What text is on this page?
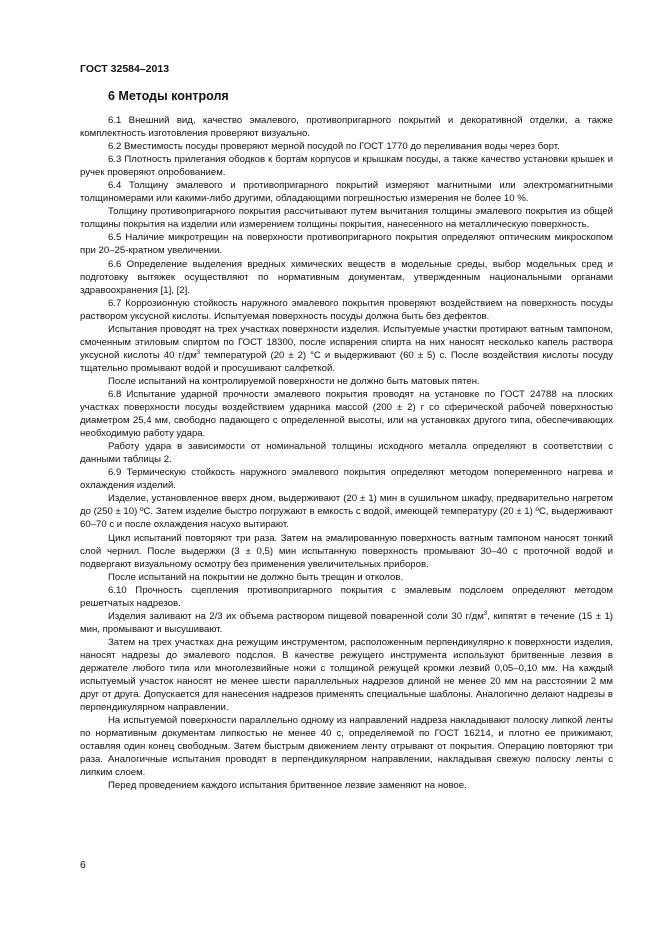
ГОСТ 32584–2013
6 Методы контроля

6.1 Внешний вид, качество эмалевого, противопригарного покрытий и декоративной отделки, а также комплектность изготовления проверяют визуально.

6.2 Вместимость посуды проверяют мерной посудой по ГОСТ 1770 до переливания воды через борт.

6.3 Плотность прилегания ободков к бортам корпусов и крышкам посуды, а также качество установки крышек и ручек проверяют опробованием.

6.4 Толщину эмалевого и противопригарного покрытий измеряют магнитными или электромагнитными толщиномерами или какими-либо другими, обладающими погрешностью измерения не более 10 %.

Толщину противопригарного покрытия рассчитывают путем вычитания толщины эмалевого покрытия из общей толщины покрытия на изделии или измерением толщины покрытия, нанесенного на металлическую поверхность.

6.5 Наличие микротрещин на поверхности противопригарного покрытия определяют оптическим микроскопом при 20–25-кратном увеличении.

6.6 Определение выделения вредных химических веществ в модельные среды, выбор модельных сред и подготовку вытяжек осуществляют по нормативным документам, утвержденным национальными органами здравоохранения [1], [2].

6.7 Коррозионную стойкость наружного эмалевого покрытия проверяют воздействием на поверхность посуды раствором уксусной кислоты. Испытуемая поверхность посуды должна быть без дефектов.

Испытания проводят на трех участках поверхности изделия. Испытуемые участки протирают ватным тампоном, смоченным этиловым спиртом по ГОСТ 18300, после испарения спирта на них наносят несколько капель раствора уксусной кислоты 40 $г/дм^3$ температурой (20 ± 2) °С и выдерживают (60 ± 5) с. После воздействия кислоты посуду тщательно промывают водой и просушивают салфеткой.

После испытаний на контролируемой поверхности не должно быть матовых пятен.

6.8 Испытание ударной прочности эмалевого покрытия проводят на установке по ГОСТ 24788 на плоских участках поверхности посуды воздействием ударника массой (200 ± 2) г со сферической рабочей поверхностью диаметром 25,4 мм, свободно падающего с определенной высоты, или на установках другого типа, обеспечивающих необходимую работу удара.

Работу удара в зависимости от номинальной толщины исходного металла определяют в соответствии с данными таблицы 2.

6.9 Термическую стойкость наружного эмалевого покрытия определяют методом попеременного нагрева и охлаждения изделий.

Изделие, установленное вверх дном, выдерживают (20 ± 1) мин в сушильном шкафу, предварительно нагретом до (250 ± 10) ºС. Затем изделие быстро погружают в емкость с водой, имеющей температуру (20 ± 1) ºС, выдерживают 60–70 с и после охлаждения насухо вытирают.

Цикл испытаний повторяют три раза. Затем на эмалированную поверхность ватным тампоном наносят тонкий слой чернил. После выдержки (3 ± 0,5) мин испытанную поверхность промывают 30–40 с проточной водой и подвергают визуальному осмотру без применения увеличительных приборов.

После испытаний на покрытии не должно быть трещин и отколов.

6.10 Прочность сцепления противопригарного покрытия с эмалевым подслоем определяют методом решетчатых надрезов.

Изделия заливают на 2/3 их объема раствором пищевой поваренной соли 30 $г/дм^3$, кипятят в течение (15 ± 1) мин, промывают и высушивают.

Затем на трех участках дна режущим инструментом, расположенным перпендикулярно к поверхности изделия, наносят надрезы до эмалевого подслоя. В качестве режущего инструмента используют бритвенные лезвия в держателе любого типа или многолезвийные ножи с толщиной режущей кромки лезвий 0,05–0,10 мм. На каждый испытуемый участок наносят не менее шести параллельных надрезов длиной не менее 20 мм на расстоянии 2 мм друг от друга. Допускается для нанесения надрезов применять специальные шаблоны. Аналогично делают надрезы в перпендикулярном направлении.

На испытуемой поверхности параллельно одному из направлений надреза накладывают полоску липкой ленты по нормативным документам липкостью не менее 40 с, определяемой по ГОСТ 16214, и плотно ее прижимают, оставляя один конец свободным. Затем быстрым движением ленту отрывают от покрытия. Операцию повторяют три раза. Аналогичные испытания проводят в перпендикулярном направлении, накладывая свежую полоску ленты с липким слоем.

Перед проведением каждого испытания бритвенное лезвие заменяют на новое.

6
